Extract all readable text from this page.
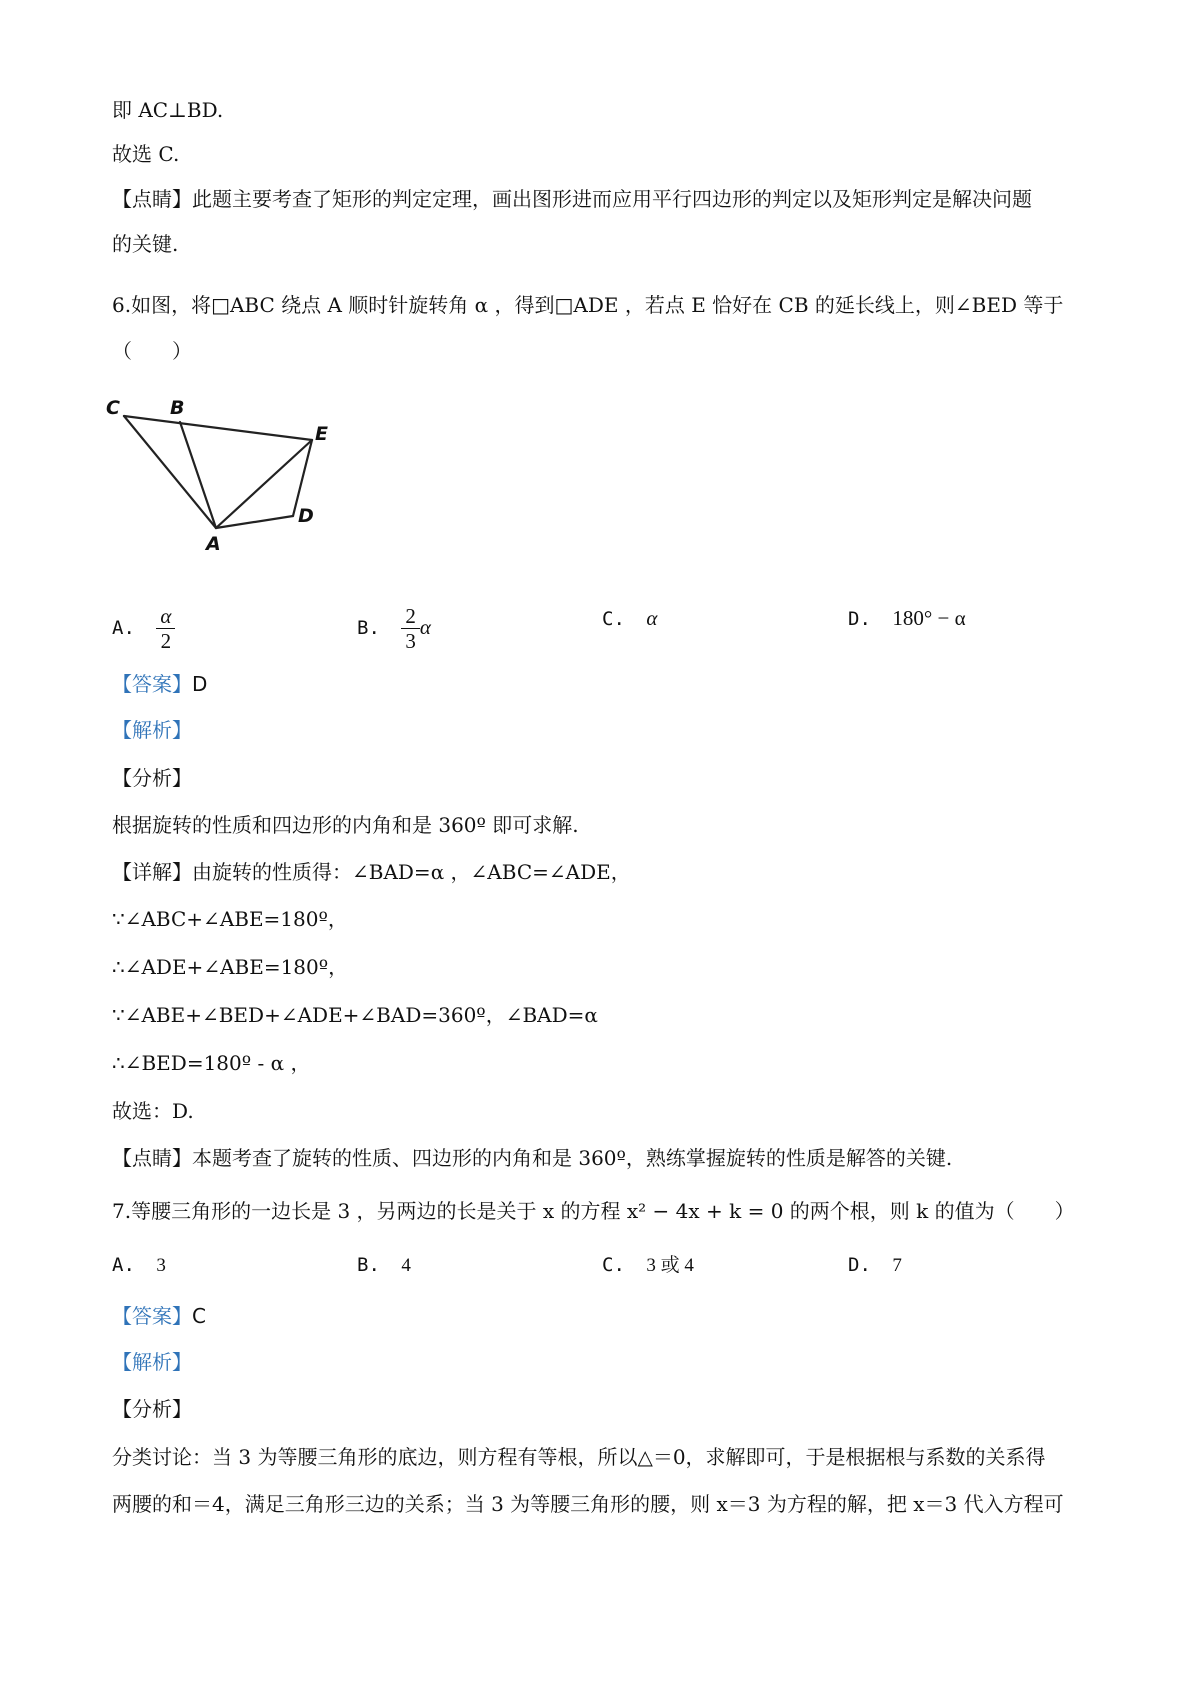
即 AC⊥BD.
故选 C.
【点睛】此题主要考查了矩形的判定定理，画出图形进而应用平行四边形的判定以及矩形判定是解决问题
的关键.
6.如图，将□ABC 绕点 A 顺时针旋转角 α ，得到□ADE ，若点 E 恰好在 CB 的延长线上，则∠BED 等于
（　　）
C	B
E
D
A
A. $\frac{\alpha}{2}$	B. $\frac{2}{3}$ α	C. α	D. 180° − α
【答案】D
【解析】
【分析】
根据旋转的性质和四边形的内角和是 360º 即可求解.
【详解】由旋转的性质得：∠BAD=α ，∠ABC=∠ADE，
∵∠ABC+∠ABE=180º，
∴∠ADE+∠ABE=180º，
∵∠ABE+∠BED+∠ADE+∠BAD=360º，∠BAD=α
∴∠BED=180º - α ，
故选：D.
【点睛】本题考查了旋转的性质、四边形的内角和是 360º，熟练掌握旋转的性质是解答的关键.
7.等腰三角形的一边长是 3 ，另两边的长是关于 x 的方程 x² − 4x + k = 0 的两个根，则 k 的值为（　　）
A. 3	B. 4	C. 3 或 4	D. 7
【答案】C
【解析】
【分析】
分类讨论：当 3 为等腰三角形的底边，则方程有等根，所以△＝0，求解即可，于是根据根与系数的关系得
两腰的和＝4，满足三角形三边的关系；当 3 为等腰三角形的腰，则 x＝3 为方程的解，把 x＝3 代入方程可
